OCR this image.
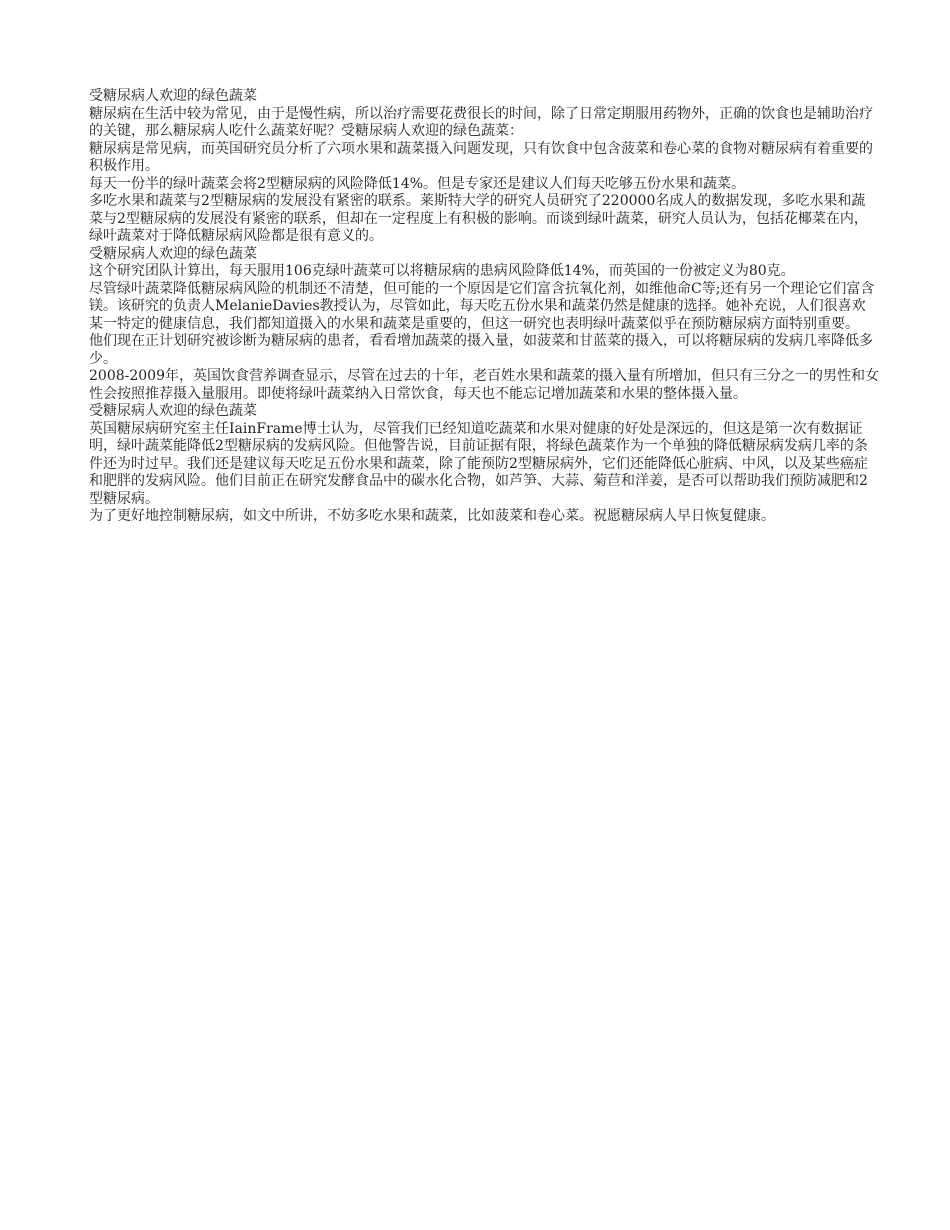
受糖尿病人欢迎的绿色蔬菜

糖尿病在生活中较为常见，由于是慢性病，所以治疗需要花费很长的时间，除了日常定期服用药物外，正确的饮食也是辅助治疗的关键，那么糖尿病人吃什么蔬菜好呢？受糖尿病人欢迎的绿色蔬菜：

糖尿病是常见病，而英国研究员分析了六项水果和蔬菜摄入问题发现，只有饮食中包含菠菜和卷心菜的食物对糖尿病有着重要的积极作用。

每天一份半的绿叶蔬菜会将2型糖尿病的风险降低14%。但是专家还是建议人们每天吃够五份水果和蔬菜。

多吃水果和蔬菜与2型糖尿病的发展没有紧密的联系。莱斯特大学的研究人员研究了220000名成人的数据发现，多吃水果和蔬菜与2型糖尿病的发展没有紧密的联系，但却在一定程度上有积极的影响。而谈到绿叶蔬菜，研究人员认为，包括花椰菜在内，绿叶蔬菜对于降低糖尿病风险都是很有意义的。

受糖尿病人欢迎的绿色蔬菜

这个研究团队计算出，每天服用106克绿叶蔬菜可以将糖尿病的患病风险降低14%，而英国的一份被定义为80克。

尽管绿叶蔬菜降低糖尿病风险的机制还不清楚，但可能的一个原因是它们富含抗氧化剂，如维他命C等;还有另一个理论它们富含镁。该研究的负责人MelanieDavies教授认为，尽管如此，每天吃五份水果和蔬菜仍然是健康的选择。她补充说，人们很喜欢某一特定的健康信息，我们都知道摄入的水果和蔬菜是重要的，但这一研究也表明绿叶蔬菜似乎在预防糖尿病方面特别重要。

他们现在正计划研究被诊断为糖尿病的患者，看看增加蔬菜的摄入量，如菠菜和甘蓝菜的摄入，可以将糖尿病的发病几率降低多少。

2008-2009年，英国饮食营养调查显示，尽管在过去的十年，老百姓水果和蔬菜的摄入量有所增加，但只有三分之一的男性和女性会按照推荐摄入量服用。即使将绿叶蔬菜纳入日常饮食，每天也不能忘记增加蔬菜和水果的整体摄入量。

受糖尿病人欢迎的绿色蔬菜

英国糖尿病研究室主任IainFrame博士认为，尽管我们已经知道吃蔬菜和水果对健康的好处是深远的，但这是第一次有数据证明，绿叶蔬菜能降低2型糖尿病的发病风险。但他警告说，目前证据有限，将绿色蔬菜作为一个单独的降低糖尿病发病几率的条件还为时过早。我们还是建议每天吃足五份水果和蔬菜，除了能预防2型糖尿病外，它们还能降低心脏病、中风，以及某些癌症和肥胖的发病风险。他们目前正在研究发酵食品中的碳水化合物，如芦笋、大蒜、菊苣和洋姜，是否可以帮助我们预防减肥和2型糖尿病。

为了更好地控制糖尿病，如文中所讲，不妨多吃水果和蔬菜，比如菠菜和卷心菜。祝愿糖尿病人早日恢复健康。
